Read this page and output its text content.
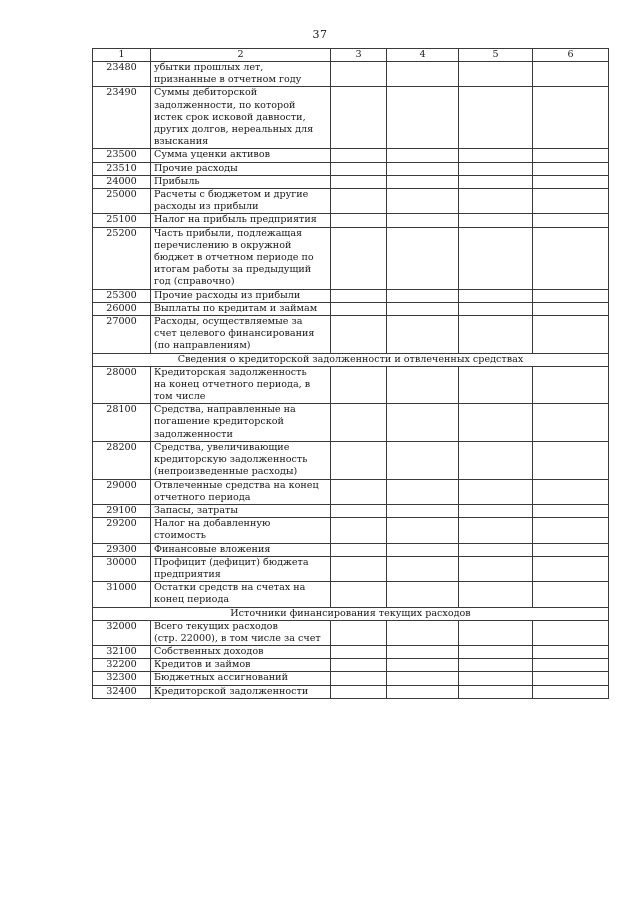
37
1	2	3	4	5	6
23480	убытки прошлых лет,
признанные в отчетном году				

23490	Суммы дебиторской
задолженности, по которой
истек срок исковой давности,
других долгов, нереальных для
взыскания				

23500	Сумма уценки активов				

23510	Прочие расходы				

24000	Прибыль				

25000	Расчеты с бюджетом и другие
расходы из прибыли				

25100	Налог на прибыль предприятия				

25200	Часть прибыли, подлежащая
перечислению в окружной
бюджет в отчетном периоде по
итогам работы за предыдущий
год (справочно)				

25300	Прочие расходы из прибыли				

26000	Выплаты по кредитам и займам				

27000	Расходы, осуществляемые за
счет целевого финансирования
(по направлениям)				

Сведения о кредиторской задолженности и отвлеченных средствах					
28000	Кредиторская задолженность
на конец отчетного периода, в
том числе				

28100	Средства, направленные на
погашение кредиторской
задолженности				

28200	Средства, увеличивающие
кредиторскую задолженность
(непроизведенные расходы)				

29000	Отвлеченные средства на конец
отчетного периода				

29100	Запасы, затраты				

29200	Налог на добавленную
стоимость				

29300	Финансовые вложения				

30000	Профицит (дефицит) бюджета
предприятия				

31000	Остатки средств на счетах на
конец периода				

Источники финансирования текущих расходов					
32000	Всего текущих расходов
(стр. 22000), в том числе за счет				

32100	Собственных доходов				

32200	Кредитов и займов				

32300	Бюджетных ассигнований				

32400	Кредиторской задолженности				
